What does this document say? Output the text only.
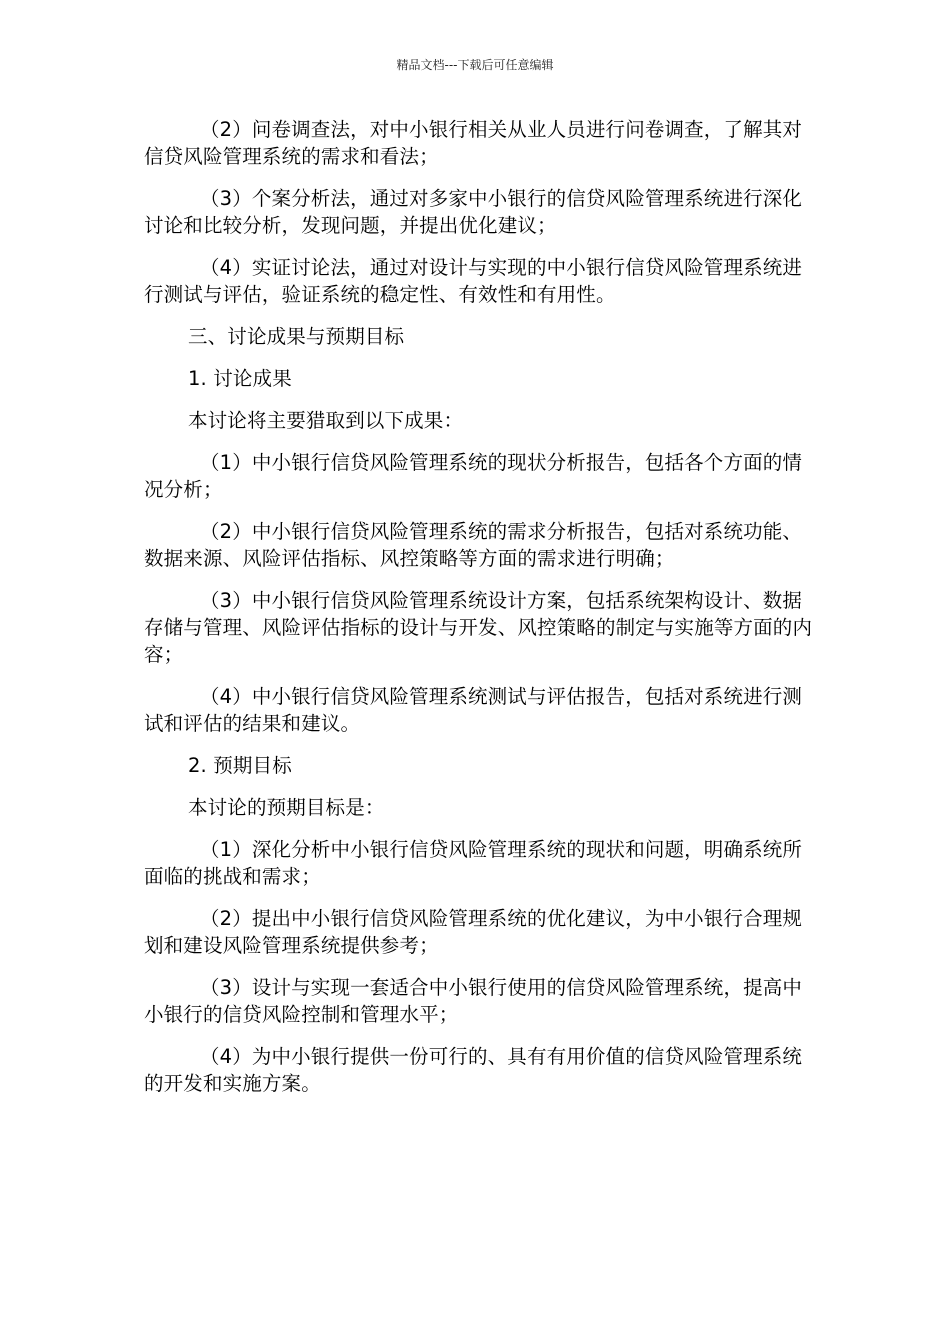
精品文档---下载后可任意编辑

（2）问卷调查法，对中小银行相关从业人员进行问卷调查，了解其对信贷风险管理系统的需求和看法；

（3）个案分析法，通过对多家中小银行的信贷风险管理系统进行深化讨论和比较分析，发现问题，并提出优化建议；

（4）实证讨论法，通过对设计与实现的中小银行信贷风险管理系统进行测试与评估，验证系统的稳定性、有效性和有用性。

三、讨论成果与预期目标

1. 讨论成果

本讨论将主要猎取到以下成果：

（1）中小银行信贷风险管理系统的现状分析报告，包括各个方面的情况分析；

（2）中小银行信贷风险管理系统的需求分析报告，包括对系统功能、数据来源、风险评估指标、风控策略等方面的需求进行明确；

（3）中小银行信贷风险管理系统设计方案，包括系统架构设计、数据存储与管理、风险评估指标的设计与开发、风控策略的制定与实施等方面的内容；

（4）中小银行信贷风险管理系统测试与评估报告，包括对系统进行测试和评估的结果和建议。

2. 预期目标

本讨论的预期目标是：

（1）深化分析中小银行信贷风险管理系统的现状和问题，明确系统所面临的挑战和需求；

（2）提出中小银行信贷风险管理系统的优化建议，为中小银行合理规划和建设风险管理系统提供参考；

（3）设计与实现一套适合中小银行使用的信贷风险管理系统，提高中小银行的信贷风险控制和管理水平；

（4）为中小银行提供一份可行的、具有有用价值的信贷风险管理系统的开发和实施方案。
